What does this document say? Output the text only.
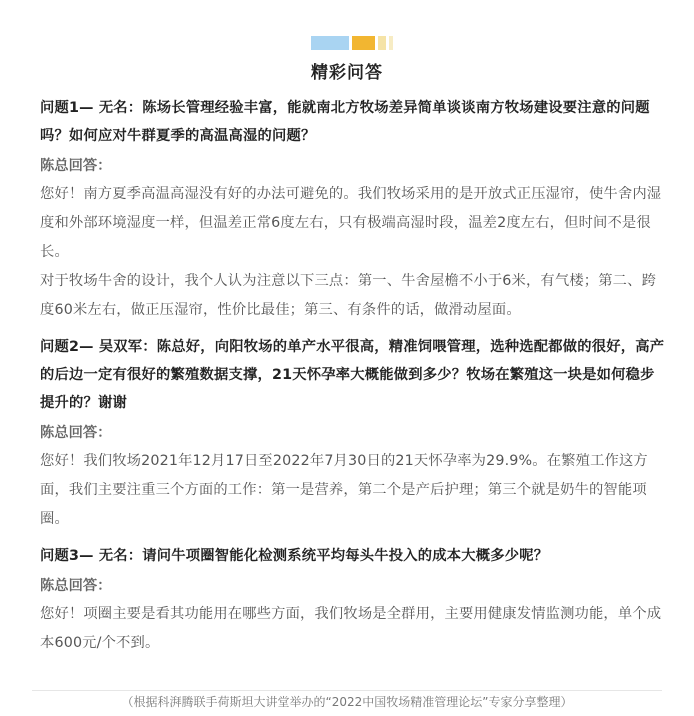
精彩问答

问题1— 无名：陈场长管理经验丰富，能就南北方牧场差异简单谈谈南方牧场建设要注意的问题吗？如何应对牛群夏季的高温高湿的问题？

陈总回答：

您好！南方夏季高温高湿没有好的办法可避免的。我们牧场采用的是开放式正压湿帘，使牛舍内湿度和外部环境湿度一样，但温差正常6度左右，只有极端高湿时段，温差2度左右，但时间不是很长。

对于牧场牛舍的设计，我个人认为注意以下三点：第一、牛舍屋檐不小于6米，有气楼；第二、跨度60米左右，做正压湿帘，性价比最佳；第三、有条件的话，做滑动屋面。

问题2— 吴双军：陈总好，向阳牧场的单产水平很高，精准饲喂管理，选种选配都做的很好，高产的后边一定有很好的繁殖数据支撑，21天怀孕率大概能做到多少？牧场在繁殖这一块是如何稳步提升的？谢谢

陈总回答：

您好！我们牧场2021年12月17日至2022年7月30日的21天怀孕率为29.9%。在繁殖工作这方面，我们主要注重三个方面的工作：第一是营养，第二个是产后护理；第三个就是奶牛的智能项圈。

问题3— 无名：请问牛项圈智能化检测系统平均每头牛投入的成本大概多少呢？

陈总回答：

您好！项圈主要是看其功能用在哪些方面，我们牧场是全群用，主要用健康发情监测功能，单个成本600元/个不到。

（根据科湃腾联手荷斯坦大讲堂举办的“2022中国牧场精准管理论坛”专家分享整理）
